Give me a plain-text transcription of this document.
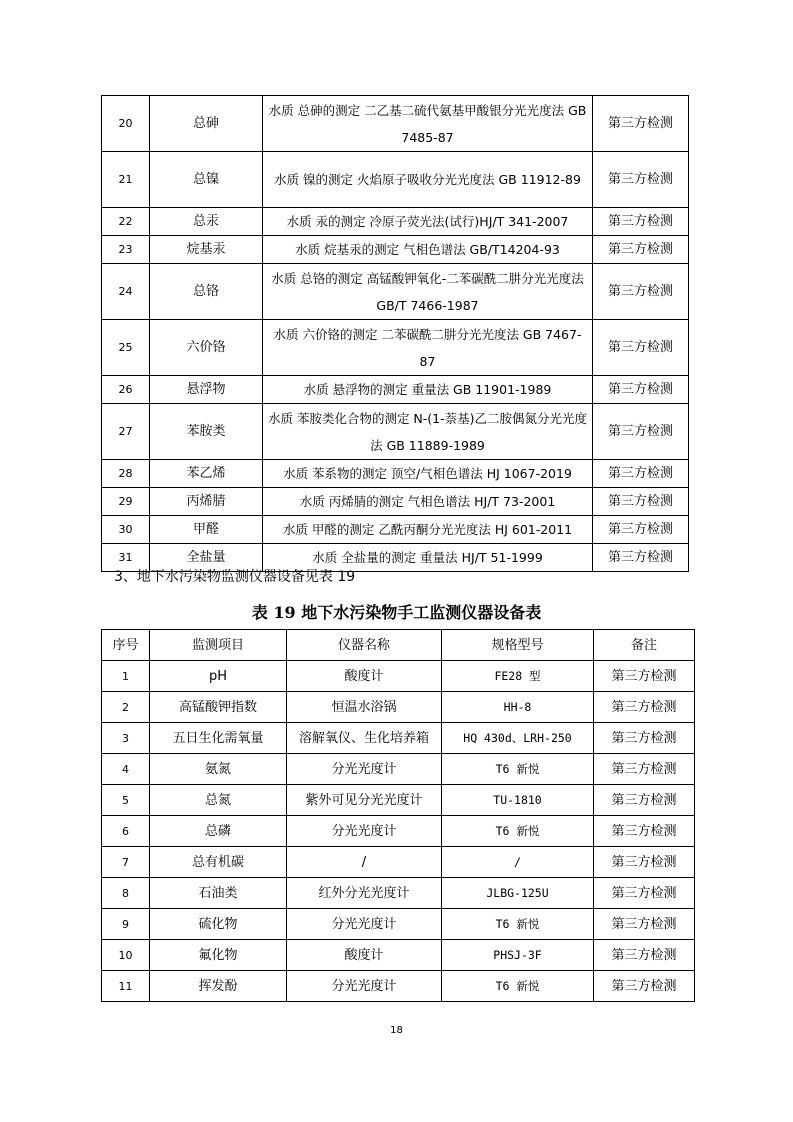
20	总砷	水质 总砷的测定 二乙基二硫代氨基甲酸银分光光度法 GB 7485-87	第三方检测
21	总镍	水质 镍的测定 火焰原子吸收分光光度法 GB 11912-89	第三方检测
22	总汞	水质 汞的测定 冷原子荧光法(试行)HJ/T 341-2007	第三方检测
23	烷基汞	水质 烷基汞的测定 气相色谱法 GB/T14204-93	第三方检测
24	总铬	水质 总铬的测定 高锰酸钾氧化-二苯碳酰二肼分光光度法 GB/T 7466-1987	第三方检测
25	六价铬	水质 六价铬的测定 二苯碳酰二肼分光光度法 GB 7467-87	第三方检测
26	悬浮物	水质 悬浮物的测定 重量法 GB 11901-1989	第三方检测
27	苯胺类	水质 苯胺类化合物的测定 N-(1-萘基)乙二胺偶氮分光光度法 GB 11889-1989	第三方检测
28	苯乙烯	水质 苯系物的测定 顶空/气相色谱法 HJ 1067-2019	第三方检测
29	丙烯腈	水质 丙烯腈的测定 气相色谱法 HJ/T 73-2001	第三方检测
30	甲醛	水质 甲醛的测定 乙酰丙酮分光光度法 HJ 601-2011	第三方检测
31	全盐量	水质 全盐量的测定 重量法 HJ/T 51-1999	第三方检测
3、地下水污染物监测仪器设备见表 19
表 19 地下水污染物手工监测仪器设备表
序号	监测项目	仪器名称	规格型号	备注
1	pH	酸度计	FE28 型	第三方检测
2	高锰酸钾指数	恒温水浴锅	HH-8	第三方检测
3	五日生化需氧量	溶解氧仪、生化培养箱	HQ 430d、LRH-250	第三方检测
4	氨氮	分光光度计	T6 新悦	第三方检测
5	总氮	紫外可见分光光度计	TU-1810	第三方检测
6	总磷	分光光度计	T6 新悦	第三方检测
7	总有机碳	/	/	第三方检测
8	石油类	红外分光光度计	JLBG-125U	第三方检测
9	硫化物	分光光度计	T6 新悦	第三方检测
10	氟化物	酸度计	PHSJ-3F	第三方检测
11	挥发酚	分光光度计	T6 新悦	第三方检测
18
